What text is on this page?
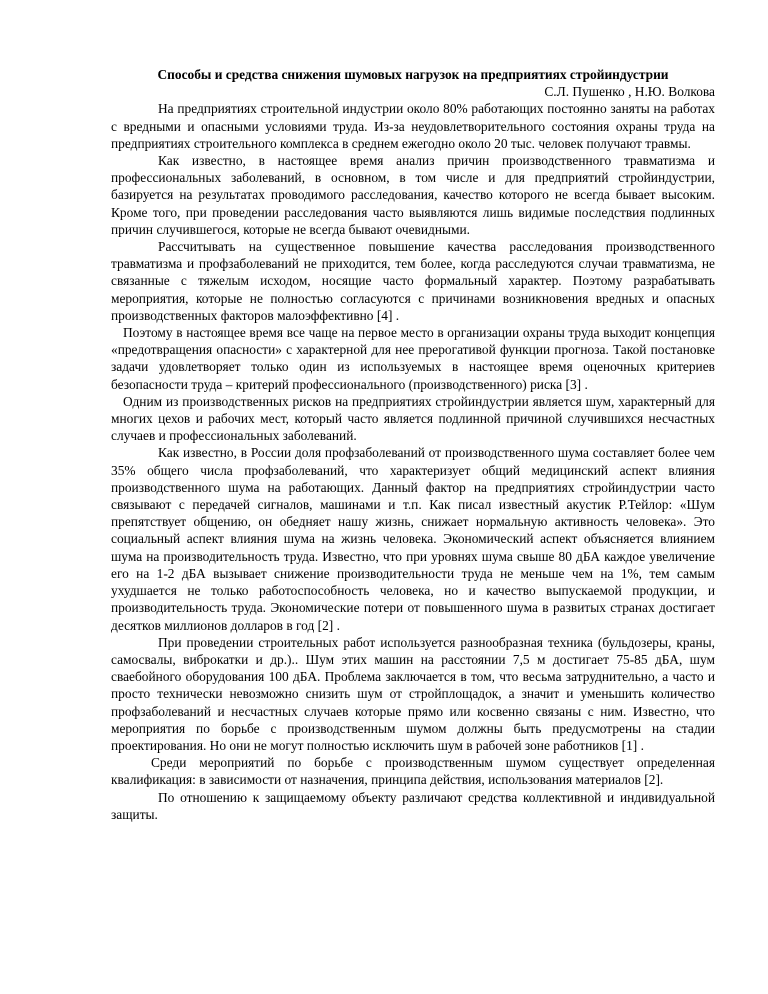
Способы и средства снижения шумовых нагрузок на предприятиях стройиндустрии

С.Л. Пушенко , Н.Ю. Волкова

На предприятиях строительной индустрии около 80% работающих постоянно заняты на работах с вредными и опасными условиями труда. Из-за неудовлетворительного состояния охраны труда на предприятиях строительного комплекса в среднем ежегодно около 20 тыс. человек получают травмы.

Как известно, в настоящее время анализ причин производственного травматизма и профессиональных заболеваний, в основном, в том числе и для предприятий стройиндустрии, базируется на результатах проводимого расследования, качество которого не всегда бывает высоким. Кроме того, при проведении расследования часто выявляются лишь видимые последствия подлинных причин случившегося, которые не всегда бывают очевидными.

Рассчитывать на существенное повышение качества расследования производственного травматизма и профзаболеваний не приходится, тем более, когда расследуются случаи травматизма, не связанные с тяжелым исходом, носящие часто формальный характер. Поэтому разрабатывать мероприятия, которые не полностью согласуются с причинами возникновения вредных и опасных производственных факторов малоэффективно [4] .

Поэтому в настоящее время все чаще на первое место в организации охраны труда выходит концепция «предотвращения опасности» с характерной для нее прерогативой функции прогноза. Такой постановке задачи удовлетворяет только один из используемых в настоящее время оценочных критериев безопасности труда – критерий профессионального (производственного) риска [3] .

Одним из производственных рисков на предприятиях стройиндустрии является шум, характерный для многих цехов и рабочих мест, который часто является подлинной причиной случившихся несчастных случаев и профессиональных заболеваний.

Как известно, в России доля профзаболеваний от производственного шума составляет более чем 35% общего числа профзаболеваний, что характеризует общий медицинский аспект влияния производственного шума на работающих. Данный фактор на предприятиях стройиндустрии часто связывают с передачей сигналов, машинами и т.п. Как писал известный акустик Р.Тейлор: «Шум препятствует общению, он обедняет нашу жизнь, снижает нормальную активность человека». Это социальный аспект влияния шума на жизнь человека. Экономический аспект объясняется влиянием шума на производительность труда. Известно, что при уровнях шума свыше 80 дБА каждое увеличение его на 1-2 дБА вызывает снижение производительности труда не меньше чем на 1%, тем самым ухудшается не только работоспособность человека, но и качество выпускаемой продукции, и производительность труда. Экономические потери от повышенного шума в развитых странах достигает десятков миллионов долларов в год [2] .

При проведении строительных работ используется разнообразная техника (бульдозеры, краны, самосвалы, виброкатки и др.).. Шум этих машин на расстоянии 7,5 м достигает 75-85 дБА, шум сваебойного оборудования 100 дБА. Проблема заключается в том, что весьма затруднительно, а часто и просто технически невозможно снизить шум от стройплощадок, а значит и уменьшить количество профзаболеваний и несчастных случаев которые прямо или косвенно связаны с ним. Известно, что мероприятия по борьбе с производственным шумом должны быть предусмотрены на стадии проектирования. Но они не могут полностью исключить шум в рабочей зоне работников [1] .

Среди мероприятий по борьбе с производственным шумом существует определенная квалификация: в зависимости от назначения, принципа действия, использования материалов [2].

По отношению к защищаемому объекту различают средства коллективной и индивидуальной защиты.
